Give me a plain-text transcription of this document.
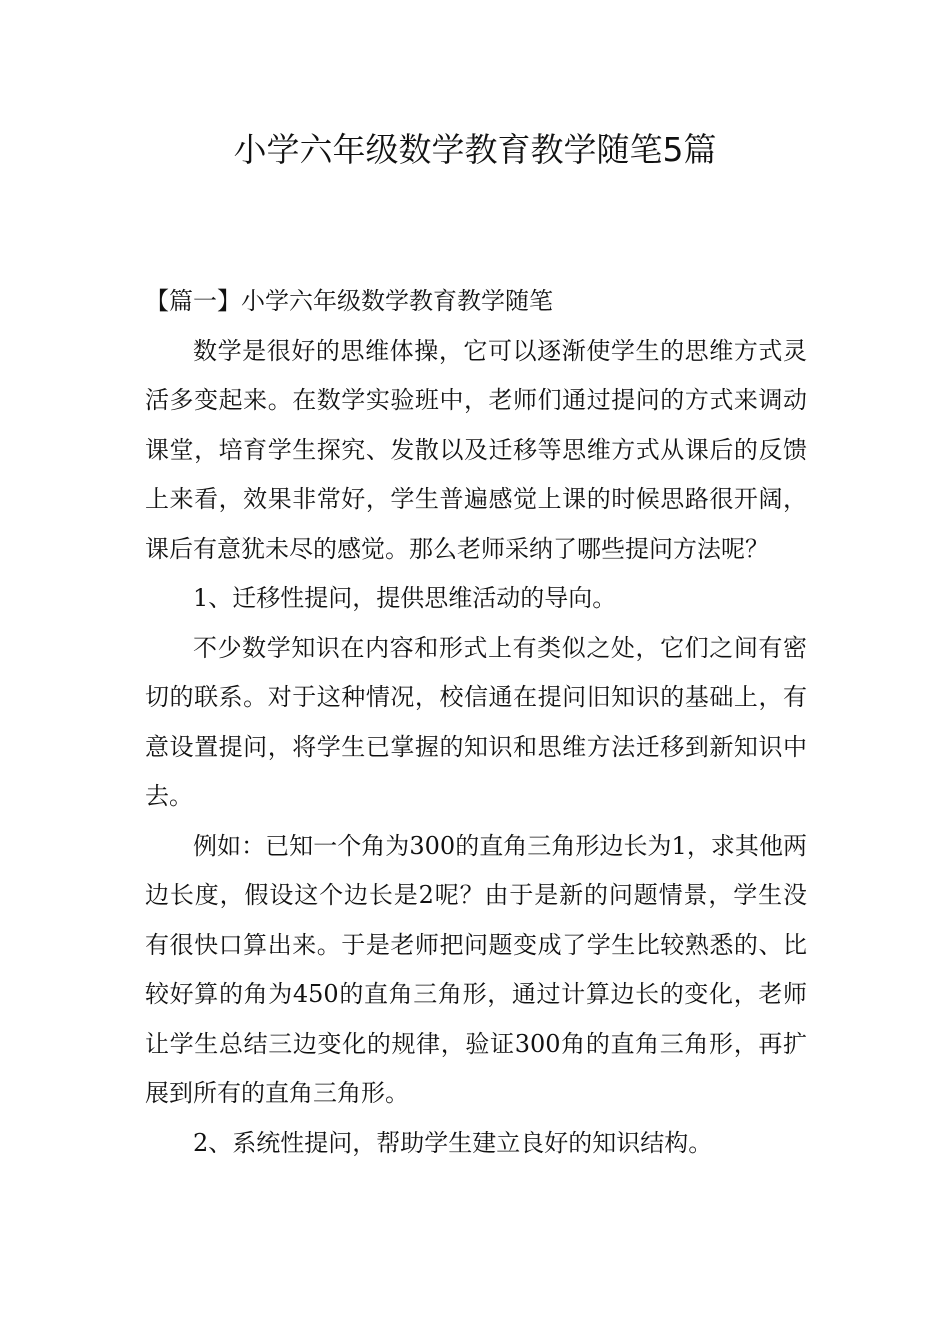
小学六年级数学教育教学随笔5篇

【篇一】小学六年级数学教育教学随笔

数学是很好的思维体操，它可以逐渐使学生的思维方式灵活多变起来。在数学实验班中，老师们通过提问的方式来调动课堂，培育学生探究、发散以及迁移等思维方式从课后的反馈上来看，效果非常好，学生普遍感觉上课的时候思路很开阔，课后有意犹未尽的感觉。那么老师采纳了哪些提问方法呢？

1、迁移性提问，提供思维活动的导向。

不少数学知识在内容和形式上有类似之处，它们之间有密切的联系。对于这种情况，校信通在提问旧知识的基础上，有意设置提问，将学生已掌握的知识和思维方法迁移到新知识中去。

例如：已知一个角为300的直角三角形边长为1，求其他两边长度，假设这个边长是2呢？由于是新的问题情景，学生没有很快口算出来。于是老师把问题变成了学生比较熟悉的、比较好算的角为450的直角三角形，通过计算边长的变化，老师让学生总结三边变化的规律，验证300角的直角三角形，再扩展到所有的直角三角形。

2、系统性提问，帮助学生建立良好的知识结构。
